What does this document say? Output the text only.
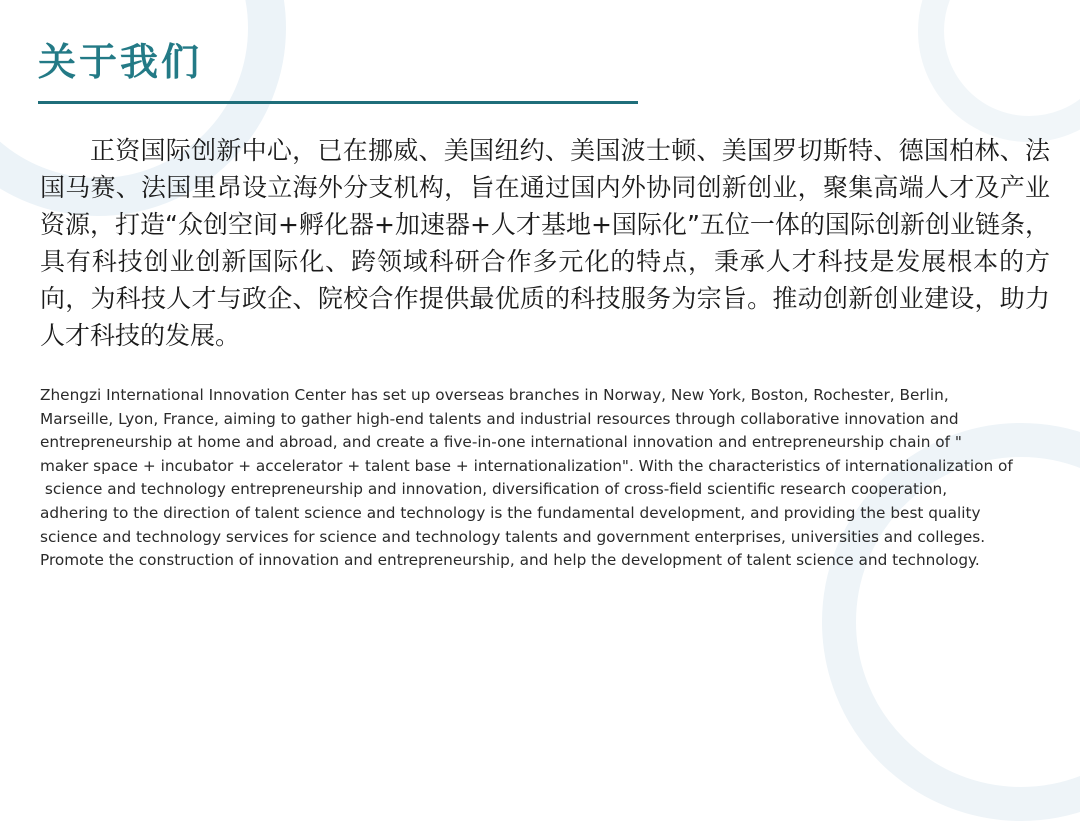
关于我们

正资国际创新中心，已在挪威、美国纽约、美国波士顿、美国罗切斯特、德国柏林、法国马赛、法国里昂设立海外分支机构，旨在通过国内外协同创新创业，聚集高端人才及产业资源，打造“众创空间+孵化器+加速器+人才基地+国际化”五位一体的国际创新创业链条，具有科技创业创新国际化、跨领域科研合作多元化的特点，秉承人才科技是发展根本的方向，为科技人才与政企、院校合作提供最优质的科技服务为宗旨。推动创新创业建设，助力人才科技的发展。

Zhengzi International Innovation Center has set up overseas branches in Norway, New York, Boston, Rochester, Berlin,
Marseille, Lyon, France, aiming to gather high-end talents and industrial resources through collaborative innovation and
entrepreneurship at home and abroad, and create a five-in-one international innovation and entrepreneurship chain of "
maker space + incubator + accelerator + talent base + internationalization". With the characteristics of internationalization of
science and technology entrepreneurship and innovation, diversification of cross-field scientific research cooperation,
adhering to the direction of talent science and technology is the fundamental development, and providing the best quality
science and technology services for science and technology talents and government enterprises, universities and colleges.
Promote the construction of innovation and entrepreneurship, and help the development of talent science and technology.
